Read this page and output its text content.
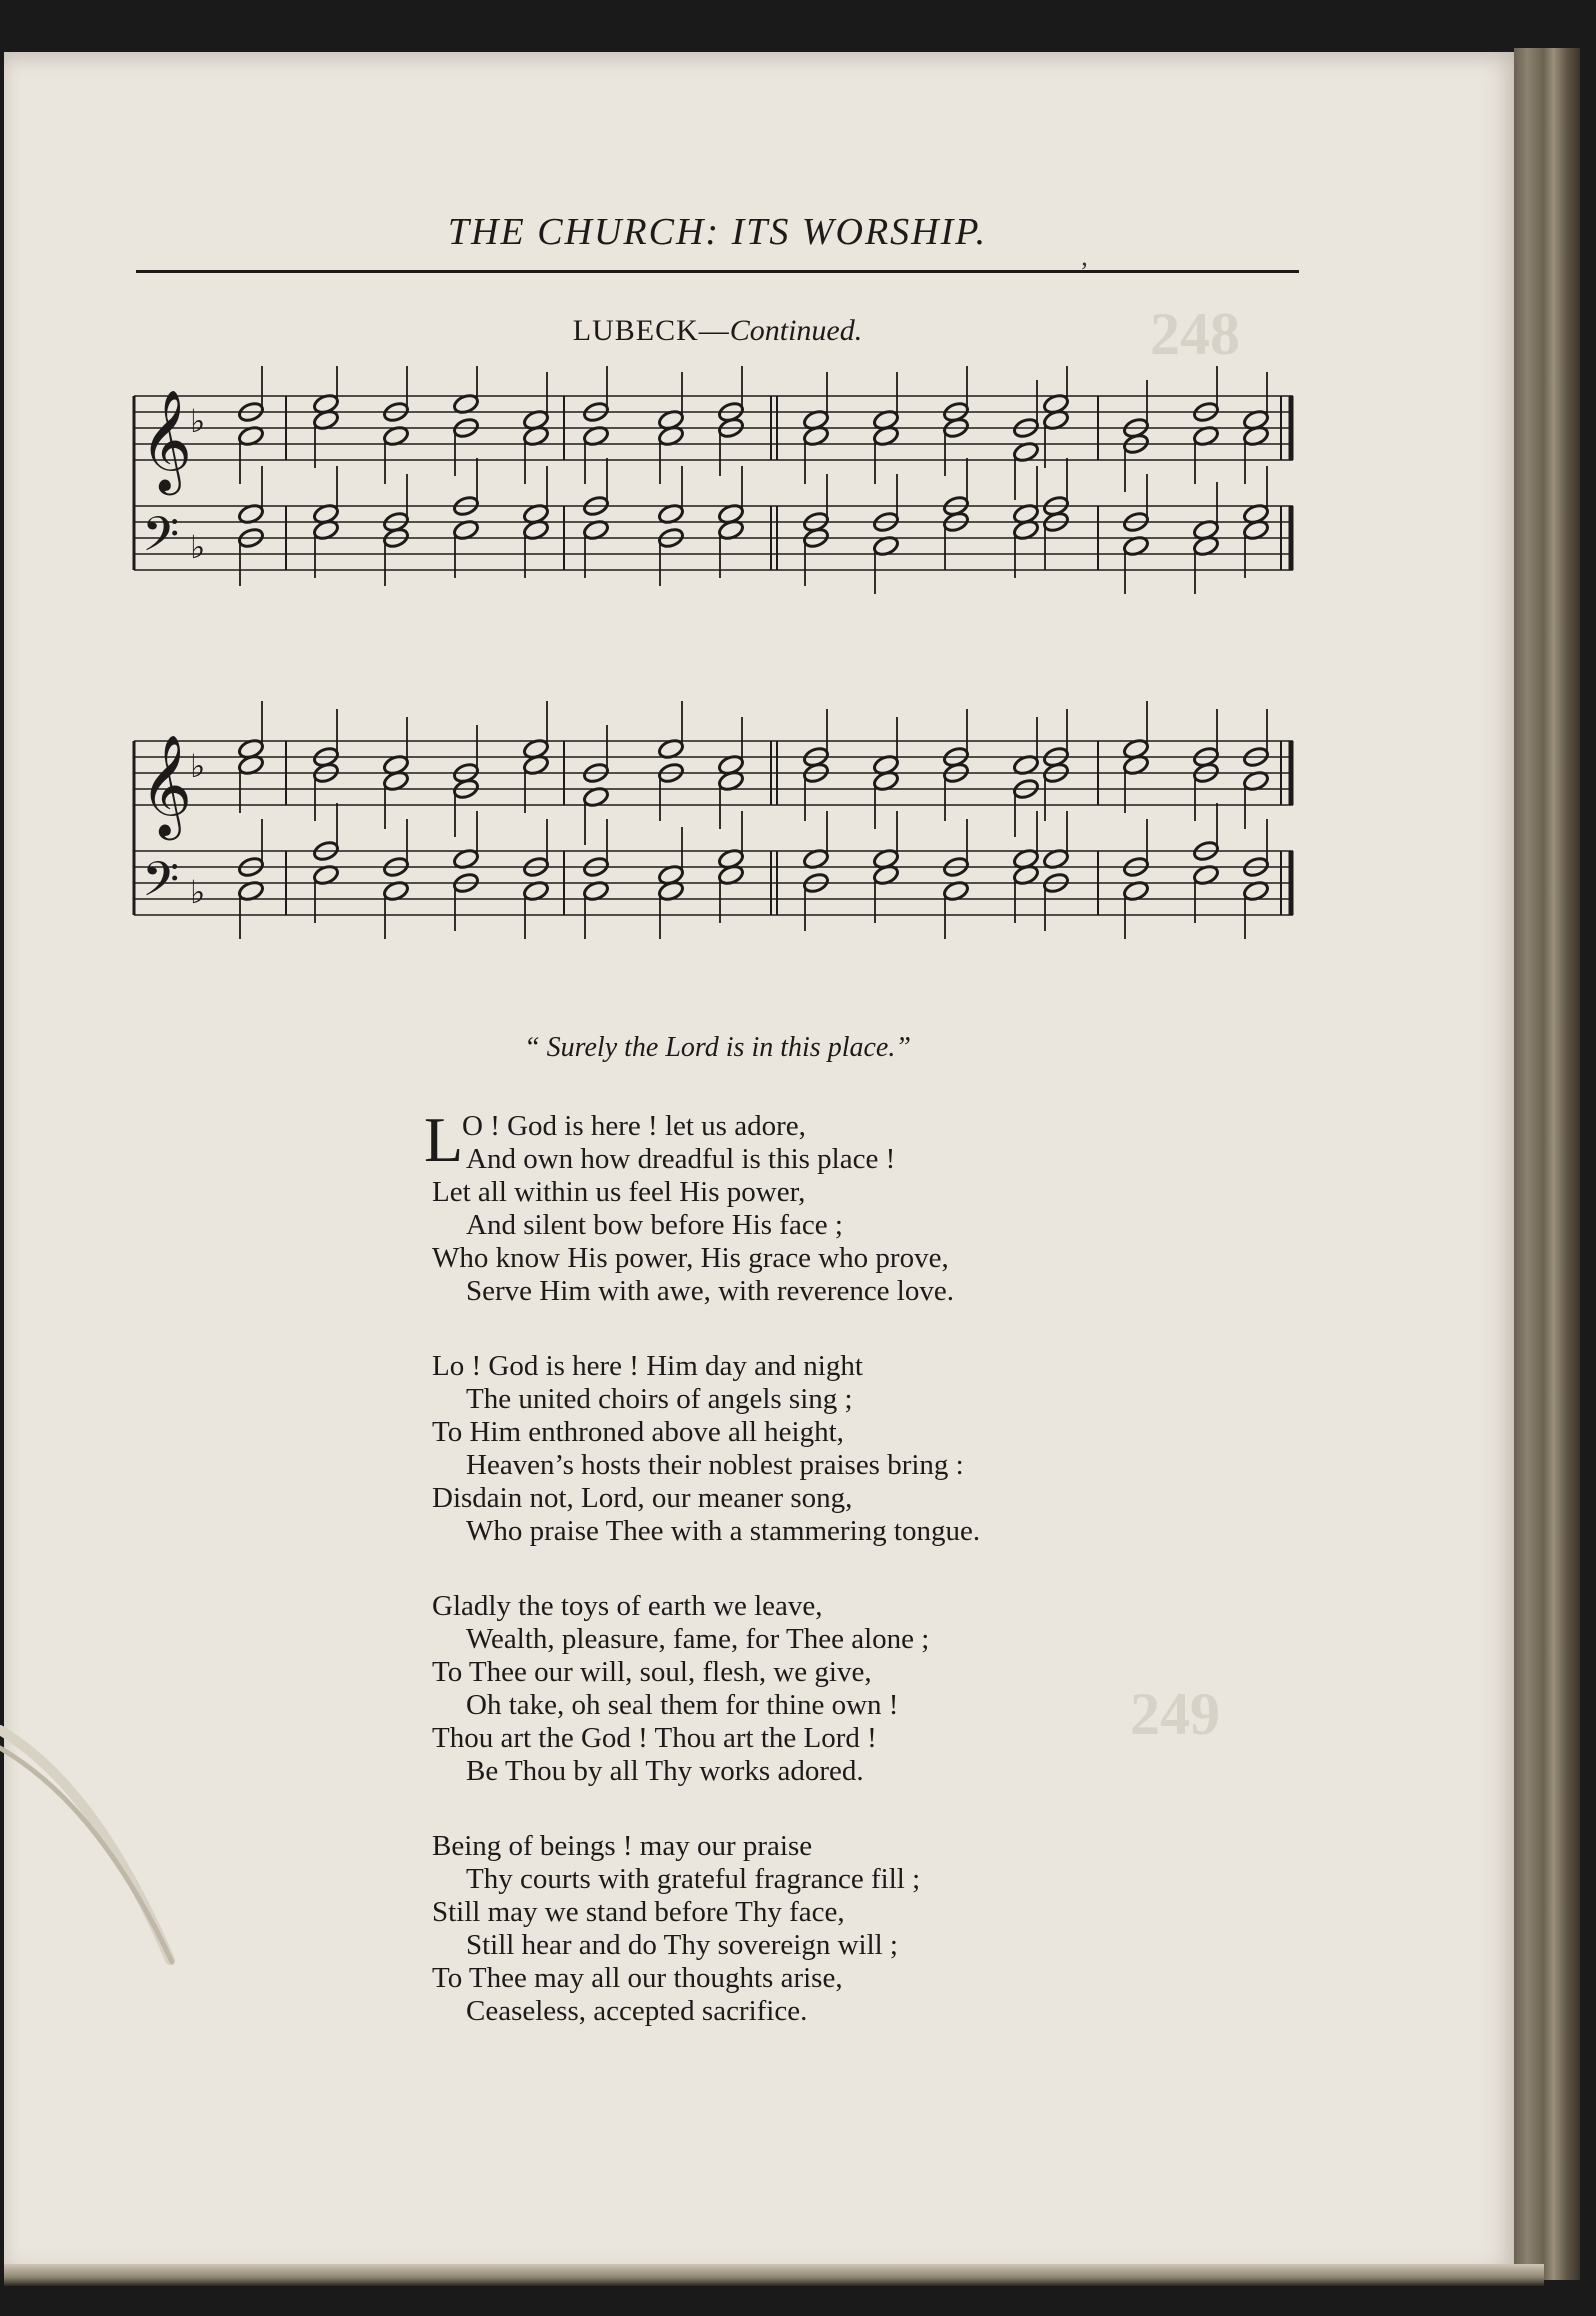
248
249
THE CHURCH: ITS WORSHIP.
‚
LUBECK—Continued.
𝄞
𝄢
♭
♭
𝄞
𝄢
♭
♭
“ Surely the Lord is in this place.”
O ! God is here ! let us adore,
L And own how dreadful is this place !
Let all within us feel His power,
And silent bow before His face ;
Who know His power, His grace who prove,
Serve Him with awe, with reverence love.
Lo ! God is here ! Him day and night
The united choirs of angels sing ;
To Him enthroned above all height,
Heaven’s hosts their noblest praises bring :
Disdain not, Lord, our meaner song,
Who praise Thee with a stammering tongue.
Gladly the toys of earth we leave,
Wealth, pleasure, fame, for Thee alone ;
To Thee our will, soul, flesh, we give,
Oh take, oh seal them for thine own !
Thou art the God ! Thou art the Lord !
Be Thou by all Thy works adored.
Being of beings ! may our praise
Thy courts with grateful fragrance fill ;
Still may we stand before Thy face,
Still hear and do Thy sovereign will ;
To Thee may all our thoughts arise,
Ceaseless, accepted sacrifice.
